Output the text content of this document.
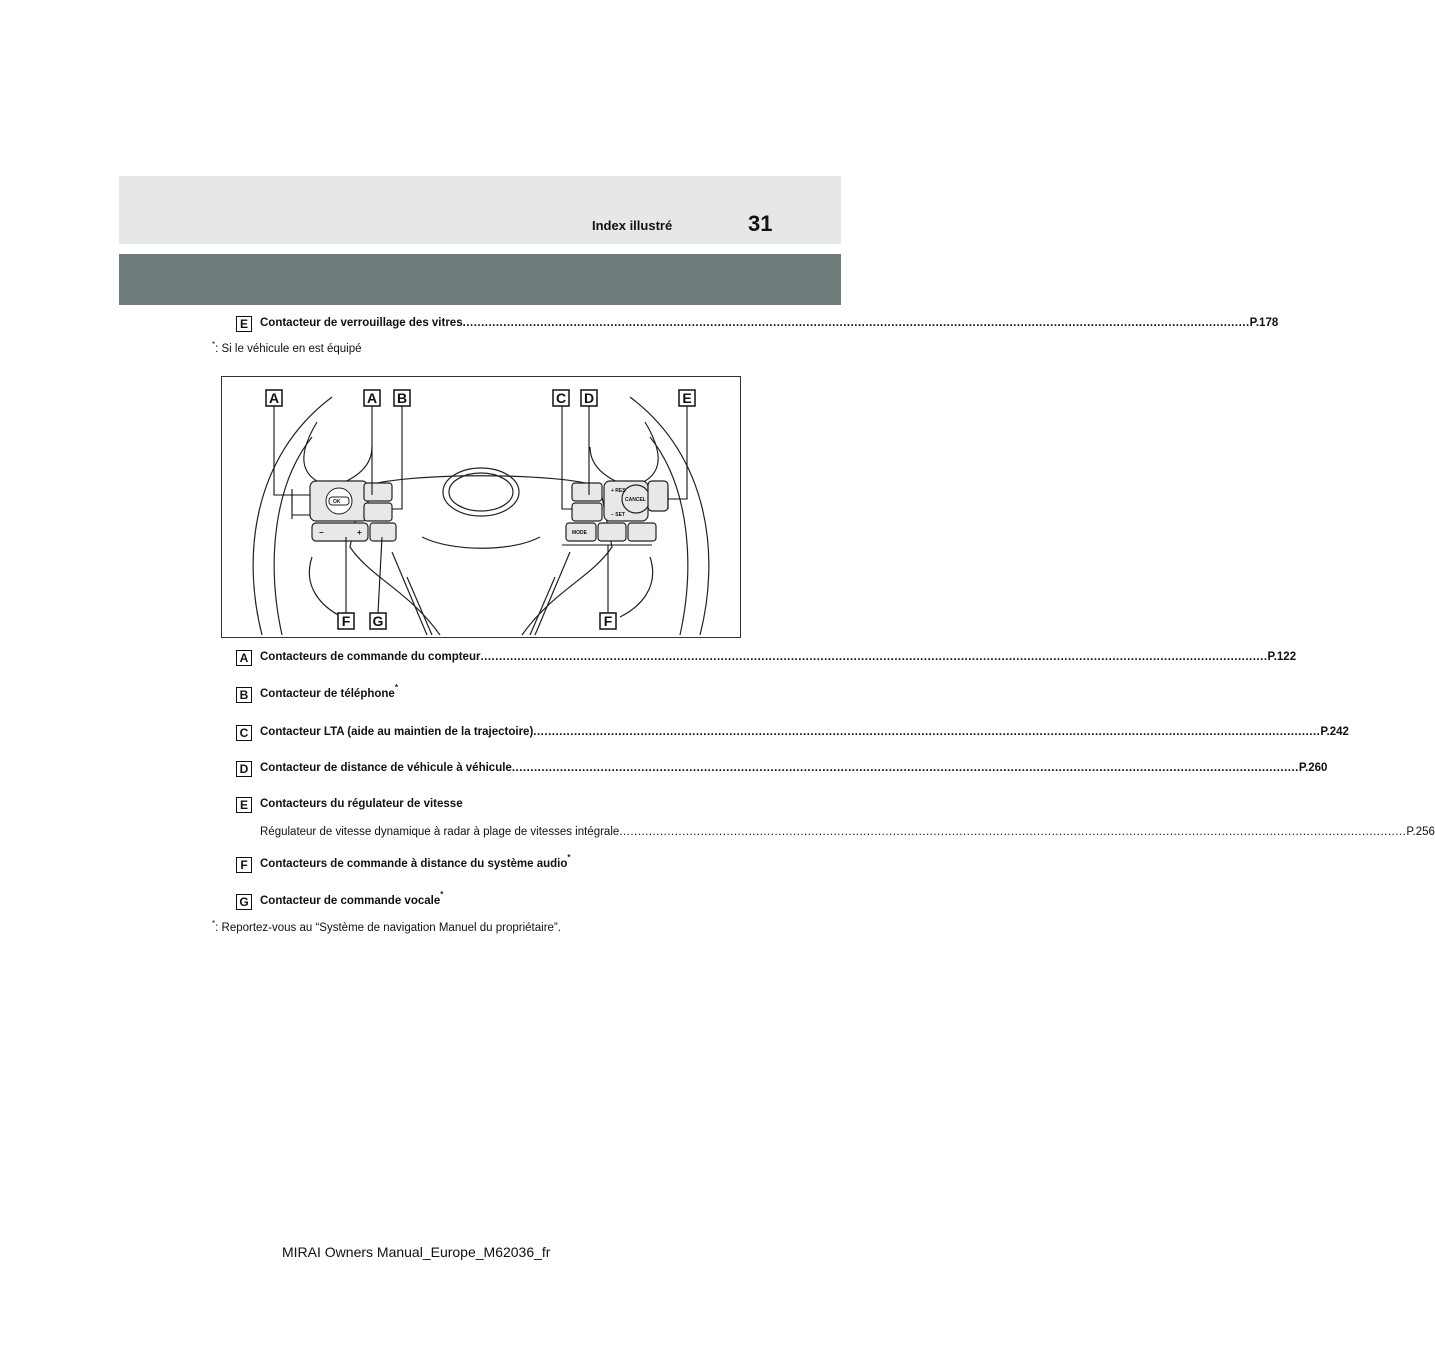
Index illustré	31
E	Contacteur de verrouillage des vitres .....	P.178
*: Si le véhicule en est équipé
OK
+ RES
− SET
CANCEL
MODE
−	+
A	A B	C D	E
F G	F
A	Contacteurs de commande du compteur .....	P.122
B	Contacteur de téléphone
*
C	Contacteur LTA (aide au maintien de la trajectoire) .....	P.242
D	Contacteur de distance de véhicule à véhicule .....	P.260
E	Contacteurs du régulateur de vitesse
Régulateur de vitesse dynamique à radar à plage de vitesses intégrale .....	P.256
F	Contacteurs de commande à distance du système audio
*
G Contacteur de commande vocale
*
*: Reportez-vous au “Système de navigation Manuel du propriétaire”.
MIRAI Owners Manual_Europe_M62036_fr
